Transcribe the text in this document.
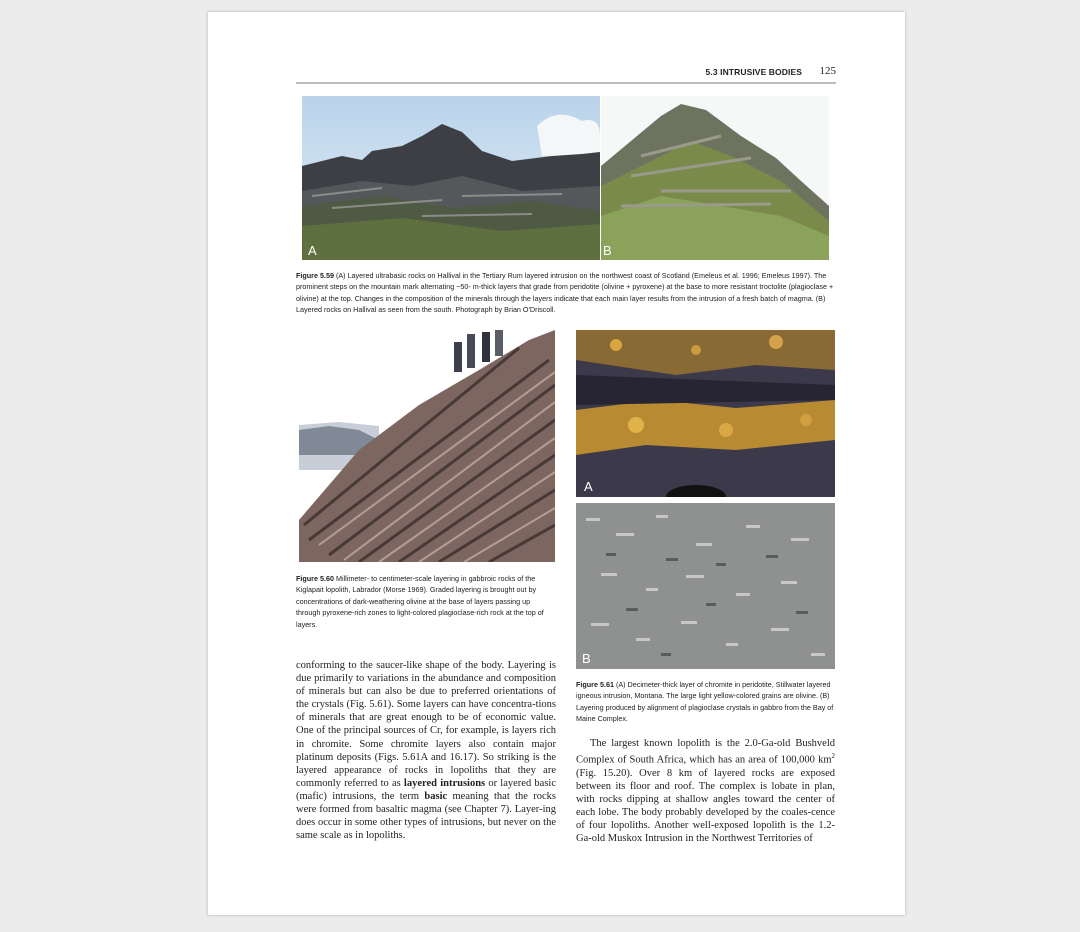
5.3 INTRUSIVE BODIES 125
A	B
Figure 5.59 (A) Layered ultrabasic rocks on Hallival in the Tertiary Rum layered intrusion on the northwest coast of Scotland (Emeleus et al. 1996; Emeleus 1997). The prominent steps on the mountain mark alternating ~50- m-thick layers that grade from peridotite (olivine + pyroxene) at the base to more resistant troctolite (plagioclase + olivine) at the top. Changes in the composition of the minerals through the layers indicate that each main layer results from the intrusion of a fresh batch of magma. (B) Layered rocks on Hallival as seen from the south. Photograph by Brian O'Driscoll.
Figure 5.60 Millimeter- to centimeter-scale layering in gabbroic rocks of the Kiglapait lopolith, Labrador (Morse 1969). Graded layering is brought out by concentrations of dark-weathering olivine at the base of layers passing up through pyroxene-rich zones to light-colored plagioclase-rich rock at the top of layers.
A
B
Figure 5.61 (A) Decimeter-thick layer of chromite in peridotite, Stillwater layered igneous intrusion, Montana. The large light yellow-colored grains are olivine. (B) Layering produced by alignment of plagioclase crystals in gabbro from the Bay of Maine Complex.

conforming to the saucer-like shape of the body. Layering is due primarily to variations in the abundance and composition of minerals but can also be due to preferred orientations of the crystals (Fig. 5.61). Some layers can have concentra-tions of minerals that are great enough to be of economic value. One of the principal sources of Cr, for example, is layers rich in chromite. Some chromite layers also contain major platinum deposits (Figs. 5.61A and 16.17). So striking is the layered appearance of rocks in lopoliths that they are commonly referred to as layered intrusions or layered basic (mafic) intrusions, the term basic meaning that the rocks were formed from basaltic magma (see Chapter 7). Layer-ing does occur in some other types of intrusions, but never on the same scale as in lopoliths.

The largest known lopolith is the 2.0-Ga-old Bushveld Complex of South Africa, which has an area of 100,000 $km^2$ (Fig. 15.20). Over 8 km of layered rocks are exposed between its floor and roof. The complex is lobate in plan, with rocks dipping at shallow angles toward the center of each lobe. The body probably developed by the coales-cence of four lopoliths. Another well-exposed lopolith is the 1.2-Ga-old Muskox Intrusion in the Northwest Territories of
